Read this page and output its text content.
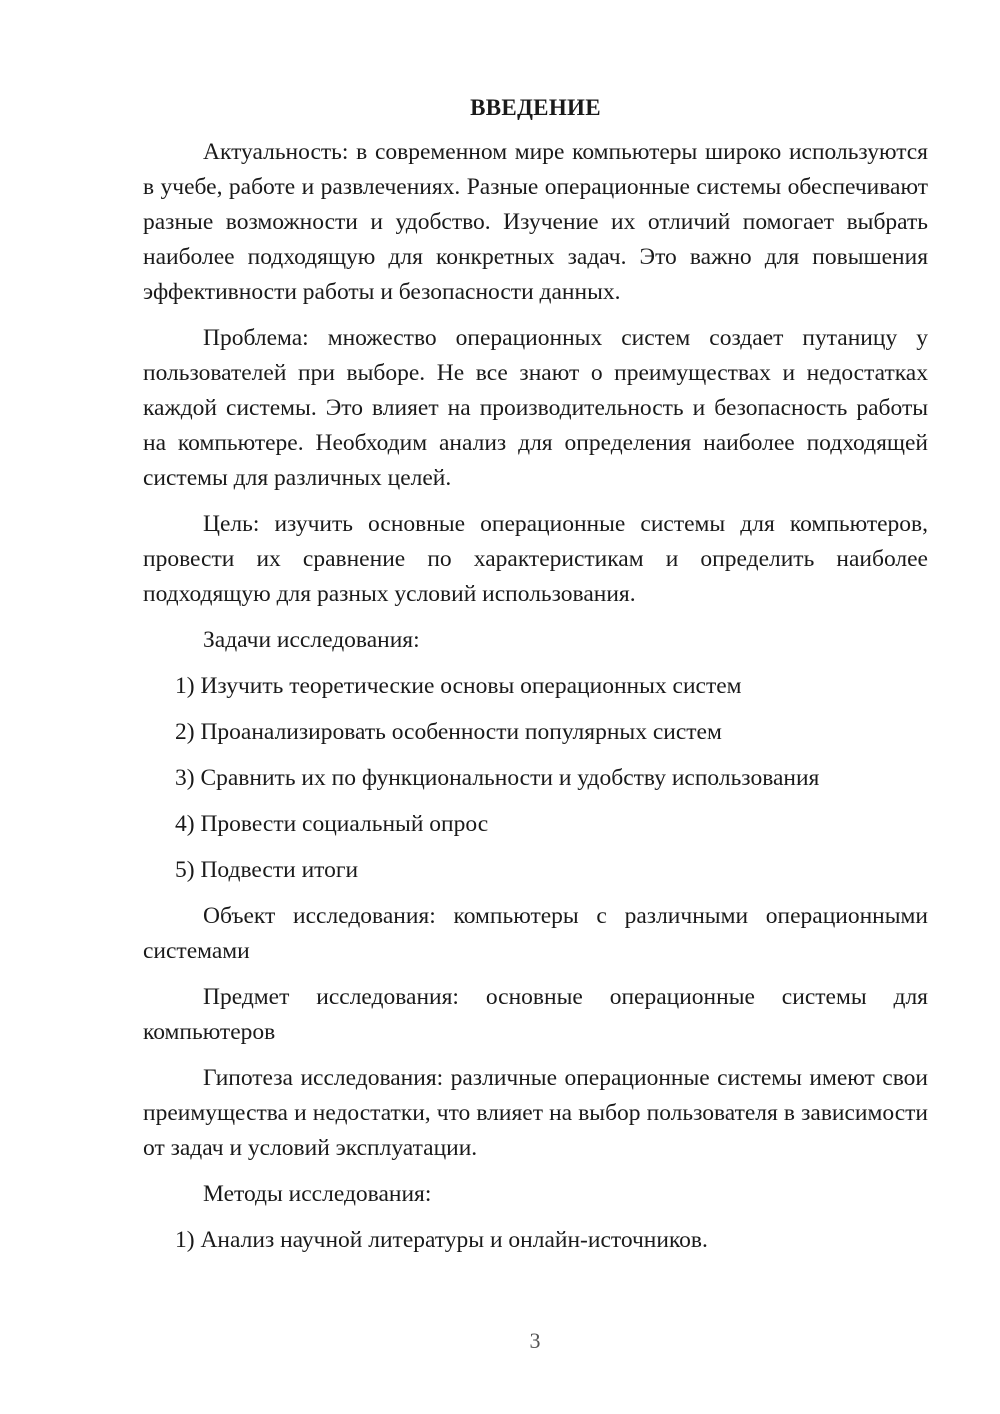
ВВЕДЕНИЕ

Актуальность: в современном мире компьютеры широко используются в учебе, работе и развлечениях. Разные операционные системы обеспечивают разные возможности и удобство. Изучение их отличий помогает выбрать наиболее подходящую для конкретных задач. Это важно для повышения эффективности работы и безопасности данных.

Проблема: множество операционных систем создает путаницу у пользователей при выборе. Не все знают о преимуществах и недостатках каждой системы. Это влияет на производительность и безопасность работы на компьютере. Необходим анализ для определения наиболее подходящей системы для различных целей.

Цель: изучить основные операционные системы для компьютеров, провести их сравнение по характеристикам и определить наиболее подходящую для разных условий использования.

Задачи исследования:

1) Изучить теоретические основы операционных систем

2) Проанализировать особенности популярных систем

3) Сравнить их по функциональности и удобству использования

4) Провести социальный опрос

5) Подвести итоги

Объект исследования: компьютеры с различными операционными системами

Предмет исследования: основные операционные системы для компьютеров

Гипотеза исследования: различные операционные системы имеют свои преимущества и недостатки, что влияет на выбор пользователя в зависимости от задач и условий эксплуатации.

Методы исследования:

1) Анализ научной литературы и онлайн-источников.

3
